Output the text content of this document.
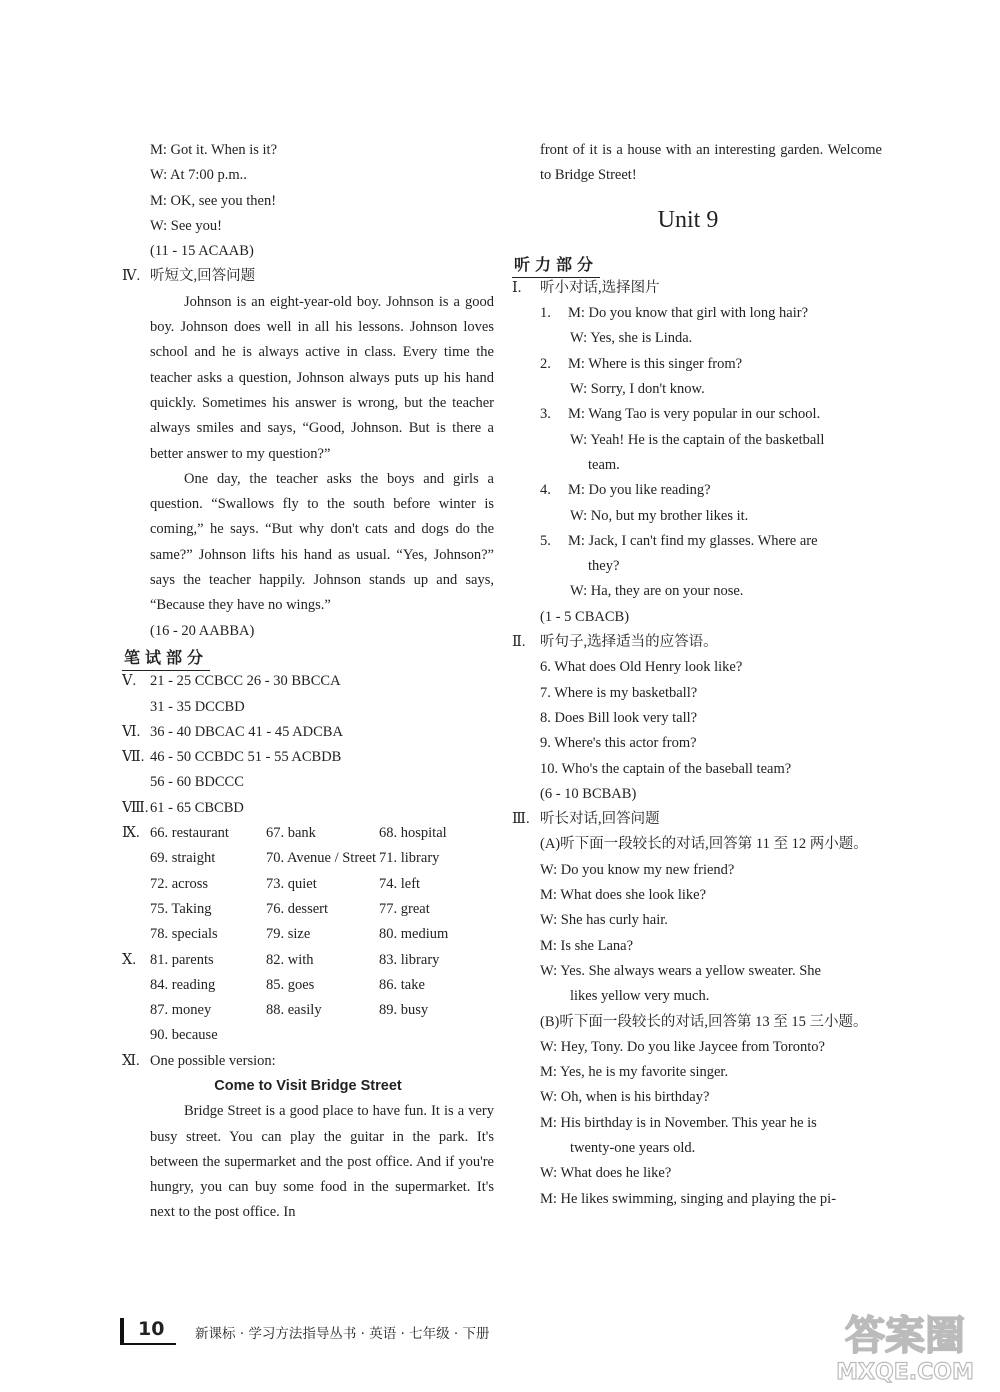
M: Got it. When is it?
W: At 7:00 p.m..
M: OK, see you then!
W: See you!
(11 - 15 ACAAB)
Ⅳ. 听短文,回答问题
Johnson is an eight-year-old boy. Johnson is a good boy. Johnson does well in all his lessons. Johnson loves school and he is always active in class. Every time the teacher asks a question, Johnson always puts up his hand quickly. Sometimes his answer is wrong, but the teacher always smiles and says, “Good, Johnson. But is there a better answer to my question?”
One day, the teacher asks the boys and girls a question. “Swallows fly to the south before winter is coming,” he says. “But why don't cats and dogs do the same?” Johnson lifts his hand as usual. “Yes, Johnson?” says the teacher happily. Johnson stands up and says, “Because they have no wings.”
(16 - 20 AABBA)
笔试部分
Ⅴ. 21 - 25 CCBCC 26 - 30 BBCCA
31 - 35 DCCBD
Ⅵ. 36 - 40 DBCAC 41 - 45 ADCBA
Ⅶ. 46 - 50 CCBDC 51 - 55 ACBDB
56 - 60 BDCCC
Ⅷ. 61 - 65 CBCBD
Ⅸ. 66. restaurant	67. bank	68. hospital
69. straight	70. Avenue / Street 71. library
72. across	73. quiet	74. left
75. Taking	76. dessert	77. great
78. specials	79. size	80. medium
Ⅹ. 81. parents	82. with	83. library
84. reading	85. goes	86. take
87. money	88. easily	89. busy
90. because
Ⅺ. One possible version:
Come to Visit Bridge Street
Bridge Street is a good place to have fun. It is a very busy street. You can play the guitar in the park. It's between the supermarket and the post office. And if you're hungry, you can buy some food in the supermarket. It's next to the post office. In
front of it is a house with an interesting garden. Welcome to Bridge Street!
Unit 9
听力部分
Ⅰ. 听小对话,选择图片
1. M: Do you know that girl with long hair?
W: Yes, she is Linda.
2. M: Where is this singer from?
W: Sorry, I don't know.
3. M: Wang Tao is very popular in our school.
W: Yeah! He is the captain of the basketball
team.
4. M: Do you like reading?
W: No, but my brother likes it.
5. M: Jack, I can't find my glasses. Where are
they?
W: Ha, they are on your nose.
(1 - 5 CBACB)
Ⅱ. 听句子,选择适当的应答语。
6. What does Old Henry look like?
7. Where is my basketball?
8. Does Bill look very tall?
9. Where's this actor from?
10. Who's the captain of the baseball team?
(6 - 10 BCBAB)
Ⅲ. 听长对话,回答问题
(A)听下面一段较长的对话,回答第 11 至 12 两小题。
W: Do you know my new friend?
M: What does she look like?
W: She has curly hair.
M: Is she Lana?
W: Yes. She always wears a yellow sweater. She
likes yellow very much.
(B)听下面一段较长的对话,回答第 13 至 15 三小题。
W: Hey, Tony. Do you like Jaycee from Toronto?
M: Yes, he is my favorite singer.
W: Oh, when is his birthday?
M: His birthday is in November. This year he is
twenty-one years old.
W: What does he like?
M: He likes swimming, singing and playing the pi-
10 新课标 · 学习方法指导丛书 · 英语 · 七年级 · 下册	答案圈
MXQE.COM
